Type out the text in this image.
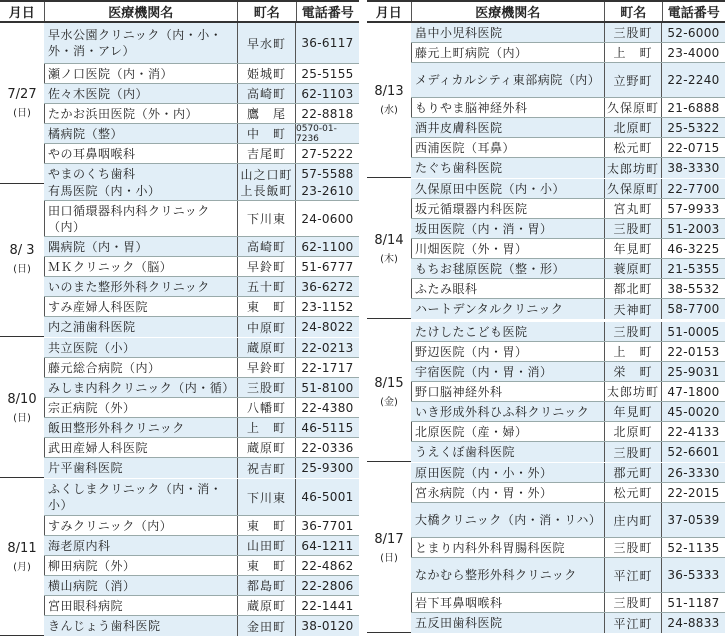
月日	医療機関名	町名	電話番号
7/27
(日)
早水公園クリニック（内・小・外・消・アレ）
早水町	36-6117
瀬ノ口医院（内・消）	姫城町	25-5155
佐々木医院（内）	高崎町	62-1103
たかお浜田医院（外・内）	鷹　尾	22-8818
橘病院（整）	中　町	0570-01-7236
やの耳鼻咽喉科	吉尾町	27-5222
やまのくち歯科	山之口町 57-5588
8/ 3
(日)
有馬医院（内・小）	上長飯町 23-2610
田口循環器科内科クリニック（内）
下川東	24-0600
隅病院（内・胃）	高崎町	62-1100
ＭＫクリニック（脳）	早鈴町	51-6777
いのまた整形外科クリニック	五十町	36-6272
すみ産婦人科医院	東　町	23-1152
内之浦歯科医院	中原町	24-8022
8/10
(日)
共立医院（小）	蔵原町	22-0213
藤元総合病院（内）	早鈴町	22-1717
みしま内科クリニック（内・循）	三股町	51-8100
宗正病院（外）	八幡町	22-4380
飯田整形外科クリニック	上　町	46-5115
武田産婦人科医院	蔵原町	22-0336
片平歯科医院	祝吉町	25-9300
8/11
(月)
ふくしまクリニック（内・消・小）
下川東	46-5001
すみクリニック（内）	東　町	36-7701
海老原内科	山田町	64-1211
柳田病院（外）	東　町	22-4862
横山病院（消）	都島町	22-2806
宮田眼科病院	蔵原町	22-1441
きんじょう歯科医院	金田町	38-0120
月日	医療機関名	町名	電話番号
8/13
(水)
畠中小児科医院	三股町	52-6000
藤元上町病院（内）	上　町	23-4000
メディカルシティ東部病院（内）	立野町	22-2240
もりやま脳神経外科	久保原町 21-6888
酒井皮膚科医院	北原町	25-5322
西浦医院（耳鼻）	松元町	22-0715
たぐち歯科医院	太郎坊町 38-3330
8/14
(木)
久保原田中医院（内・小）	久保原町 22-7700
坂元循環器内科医院	宮丸町	57-9933
坂田医院（内・消・胃）	三股町	51-2003
川畑医院（外・胃）	年見町	46-3225
もちお毬原医院（整・形）	蓑原町	21-5355
ふたみ眼科	都北町	38-5532
ハートデンタルクリニック	天神町	58-7700
8/15
(金)
たけしたこども医院	三股町	51-0005
野辺医院（内・胃）	上　町	22-0153
宇宿医院（内・胃・消）	栄　町	25-9031
野口脳神経外科	太郎坊町 47-1800
いき形成外科ひふ科クリニック	年見町	45-0020
北原医院（産・婦）	北原町	22-4133
うえくぼ歯科医院	三股町	52-6601
8/17
(日)
原田医院（内・小・外）	郡元町	26-3330
宮永病院（内・胃・外）	松元町	22-2015
大橋クリニック（内・消・リハ）	庄内町	37-0539
とまり内科外科胃腸科医院	三股町	52-1135
なかむら整形外科クリニック	平江町	36-5333
岩下耳鼻咽喉科	三股町	51-1187
五反田歯科医院	平江町	24-8833
